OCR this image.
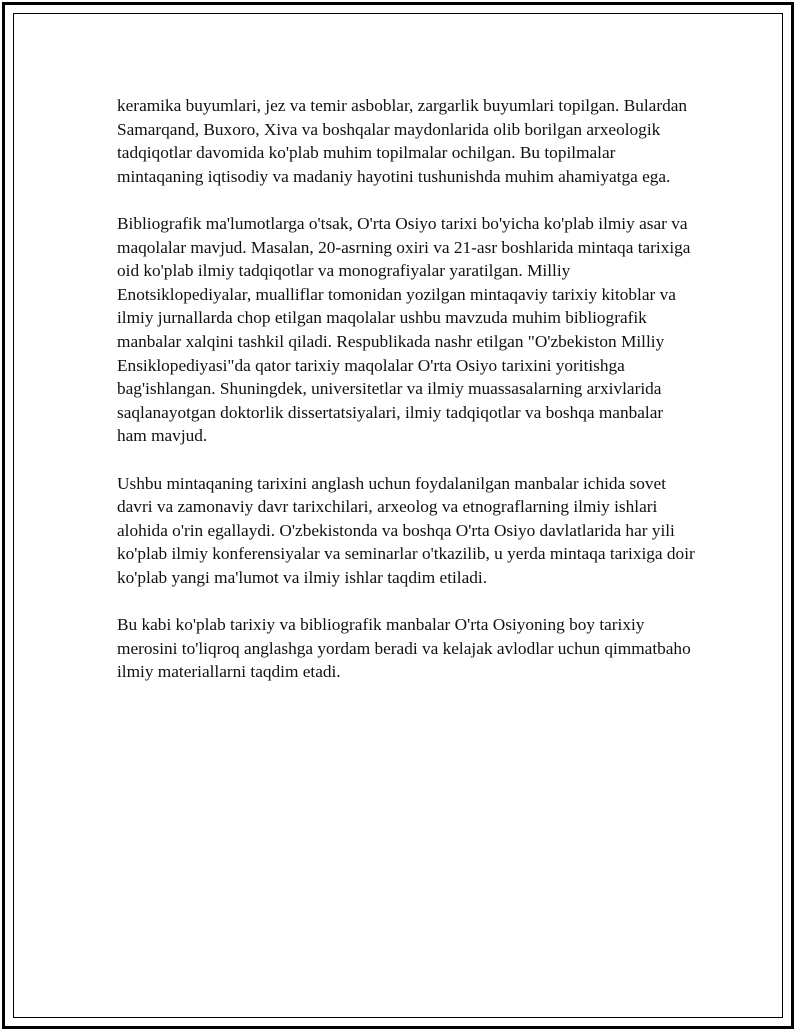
keramika buyumlari, jez va temir asboblar, zargarlik buyumlari topilgan. Bulardan Samarqand, Buxoro, Xiva va boshqalar maydonlarida olib borilgan arxeologik tadqiqotlar davomida ko'plab muhim topilmalar ochilgan. Bu topilmalar mintaqaning iqtisodiy va madaniy hayotini tushunishda muhim ahamiyatga ega.

Bibliografik ma'lumotlarga o'tsak, O'rta Osiyo tarixi bo'yicha ko'plab ilmiy asar va maqolalar mavjud. Masalan, 20-asrning oxiri va 21-asr boshlarida mintaqa tarixiga oid ko'plab ilmiy tadqiqotlar va monografiyalar yaratilgan. Milliy Enotsiklopediyalar, mualliflar tomonidan yozilgan mintaqaviy tarixiy kitoblar va ilmiy jurnallarda chop etilgan maqolalar ushbu mavzuda muhim bibliografik manbalar xalqini tashkil qiladi. Respublikada nashr etilgan "O'zbekiston Milliy Ensiklopediyasi"da qator tarixiy maqolalar O'rta Osiyo tarixini yoritishga bag'ishlangan. Shuningdek, universitetlar va ilmiy muassasalarning arxivlarida saqlanayotgan doktorlik dissertatsiyalari, ilmiy tadqiqotlar va boshqa manbalar ham mavjud.

Ushbu mintaqaning tarixini anglash uchun foydalanilgan manbalar ichida sovet davri va zamonaviy davr tarixchilari, arxeolog va etnograflarning ilmiy ishlari alohida o'rin egallaydi. O'zbekistonda va boshqa O'rta Osiyo davlatlarida har yili ko'plab ilmiy konferensiyalar va seminarlar o'tkazilib, u yerda mintaqa tarixiga doir ko'plab yangi ma'lumot va ilmiy ishlar taqdim etiladi.

Bu kabi ko'plab tarixiy va bibliografik manbalar O'rta Osiyoning boy tarixiy merosini to'liqroq anglashga yordam beradi va kelajak avlodlar uchun qimmatbaho ilmiy materiallarni taqdim etadi.
